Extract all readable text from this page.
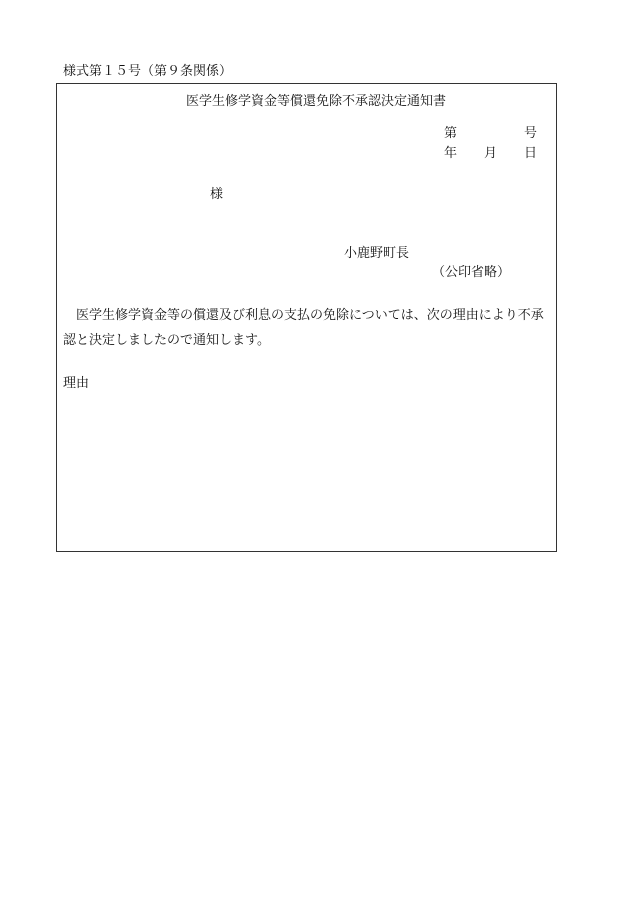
様式第１５号（第９条関係）
医学生修学資金等償還免除不承認決定通知書
第	号
年 月 日
様
小鹿野町長
（公印省略）
医学生修学資金等の償還及び利息の支払の免除については、次の理由により不承認と決定しましたので通知します。
理由
